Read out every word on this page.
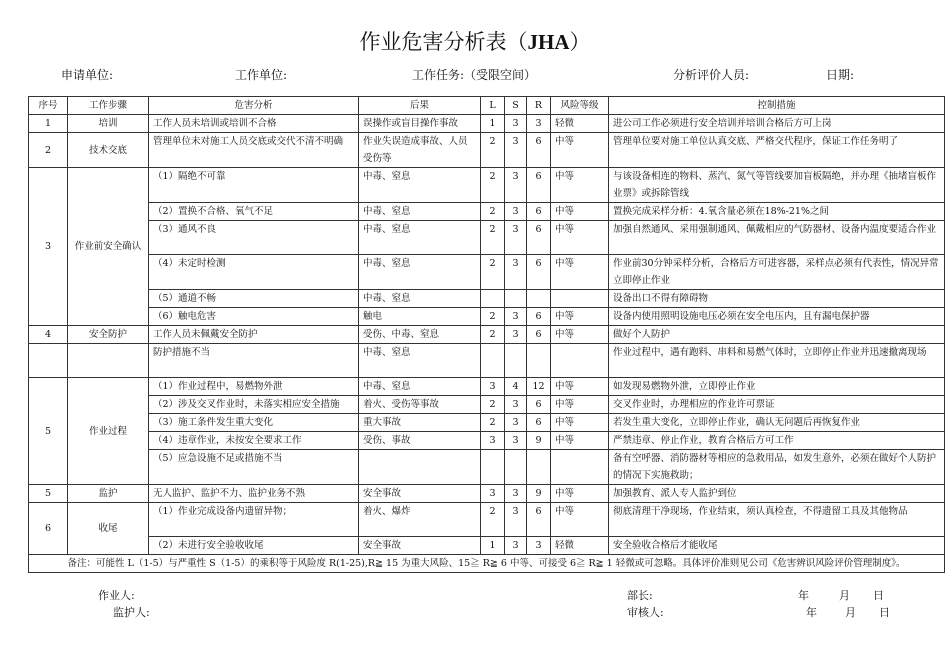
作业危害分析表（JHA）
申请单位:	工作单位:	工作任务:（受限空间）	分析评价人员:	日期:
序号	工作步骤	危害分析	后果	L	S	R	风险等级	控制措施
1	培训	工作人员未培训或培训不合格	误操作或盲目操作事故	1	3	3	轻微	进公司工作必须进行安全培训并培训合格后方可上岗
2	技术交底	管理单位未对施工人员交底或交代不清不明确	作业失误造成事故、人员受伤等	2	3	6	中等	管理单位要对施工单位认真交底、严格交代程序，保证工作任务明了
3	作业前安全确认	（1）隔绝不可靠	中毒、窒息	2	3	6	中等	与该设备相连的物料、蒸汽、氮气等管线要加盲板隔绝，并办理《抽堵盲板作业票》或拆除管线
		（2）置换不合格、氧气不足	中毒、窒息	2	3	6	中等	置换完成采样分析：4.氧含量必须在18%-21%之间
		（3）通风不良	中毒、窒息	2	3	6	中等	加强自然通风、采用强制通风、佩戴相应的气防器材、设备内温度要适合作业
		（4）未定时检测	中毒、窒息	2	3	6	中等	作业前30分钟采样分析，合格后方可进容器，采样点必须有代表性，情况异常立即停止作业
		（5）通道不畅	中毒、窒息					设备出口不得有障碍物
		（6）触电危害	触电	2	3	6	中等	设备内使用照明设施电压必须在安全电压内，且有漏电保护器
4	安全防护	工作人员未佩戴安全防护	受伤、中毒、窒息	2	3	6	中等	做好个人防护
		防护措施不当	中毒、窒息					作业过程中，遇有跑料、串料和易燃气体时，立即停止作业并迅速撤离现场
5	作业过程	（1）作业过程中，易燃物外泄	中毒、窒息	3	4	12	中等	如发现易燃物外泄，立即停止作业
		（2）涉及交叉作业时，未落实相应安全措施	着火、受伤等事故	2	3	6	中等	交叉作业时，办理相应的作业许可票证
		（3）施工条件发生重大变化	重大事故	2	3	6	中等	若发生重大变化，立即停止作业，确认无问题后再恢复作业
		（4）违章作业，未按安全要求工作	受伤、事故	3	3	9	中等	严禁违章、停止作业，教育合格后方可工作
		（5）应急设施不足或措施不当						备有空呼器、消防器材等相应的急救用品，如发生意外，必须在做好个人防护的情况下实施救助；
5	监护	无人监护、监护不力、监护业务不熟	安全事故	3	3	9	中等	加强教育、派人专人监护到位
6	收尾	（1）作业完成设备内遗留异物；	着火、爆炸	2	3	6	中等	彻底清理干净现场，作业结束，须认真检查，不得遗留工具及其他物品
		（2）未进行安全验收收尾	安全事故	1	3	3	轻微	安全验收合格后才能收尾
备注：可能性 L（1-5）与严重性 S（1-5）的乘积等于风险度 R(1-25),R≧ 15 为重大风险、15≧ R≧ 6 中等、可接受 6≧ R≧ 1 轻微或可忽略。具体评价准则见公司《危害辨识风险评价管理制度》。								
作业人:
监护人:
部长:
审核人:
年	月 日
年	月 日
